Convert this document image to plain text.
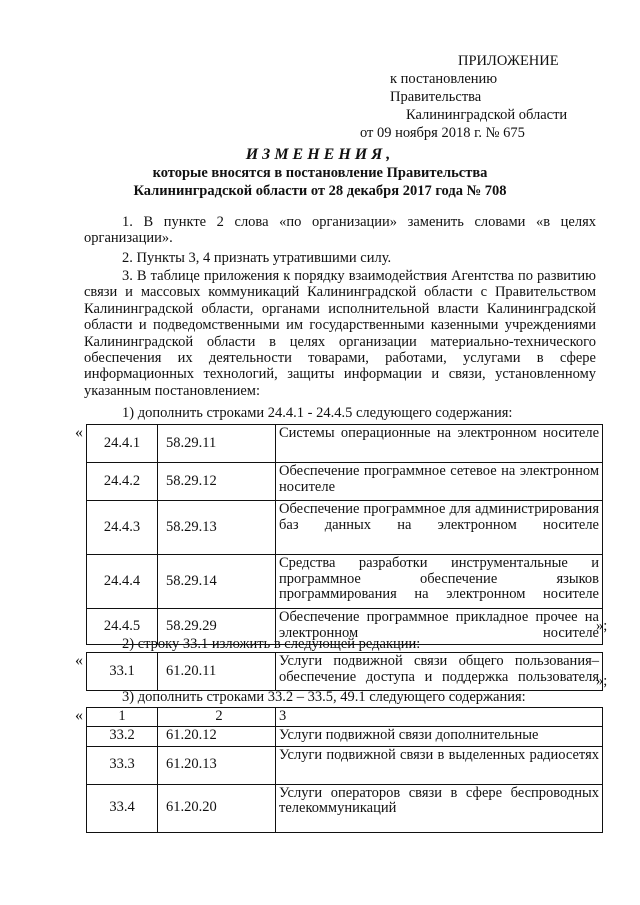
ПРИЛОЖЕНИЕ
к постановлению Правительства
Калининградской области
от 09 ноября 2018 г. № 675
ИЗМЕНЕНИЯ,
которые вносятся в постановление Правительства
Калининградской области от 28 декабря 2017 года № 708
1. В пункте 2 слова «по организации» заменить словами «в целях организации».
2. Пункты 3, 4 признать утратившими силу.
3. В таблице приложения к порядку взаимодействия Агентства по развитию связи и массовых коммуникаций Калининградской области с Правительством Калининградской области, органами исполнительной власти Калининградской области и подведомственными им государственными казенными учреждениями Калининградской области в целях организации материально-технического обеспечения их деятельности товарами, работами, услугами в сфере информационных технологий, защиты информации и связи, установленному указанным постановлением:
1) дополнить строками 24.4.1 - 24.4.5 следующего содержания:
«
24.4.1	58.29.11	Системы операционные на электронном носителе
24.4.2	58.29.12	Обеспечение программное сетевое на электронном носителе
24.4.3	58.29.13	Обеспечение программное для администрирования баз данных на электронном носителе
24.4.4	58.29.14	Средства разработки инструментальные и программное обеспечение языков программирования на электронном носителе
24.4.5	58.29.29	Обеспечение программное прикладное прочее на электронном носителе
»;
2) строку 33.1 изложить в следующей редакции:
«
33.1	61.20.11	Услуги подвижной связи общего пользования–обеспечение доступа и поддержка пользователя
»;
3) дополнить строками 33.2 – 33.5, 49.1 следующего содержания:
« 1	2	3
33.2	61.20.12	Услуги подвижной связи дополнительные
33.3	61.20.13	Услуги подвижной связи в выделенных радиосетях
33.4	61.20.20	Услуги операторов связи в сфере беспроводных телекоммуникаций
